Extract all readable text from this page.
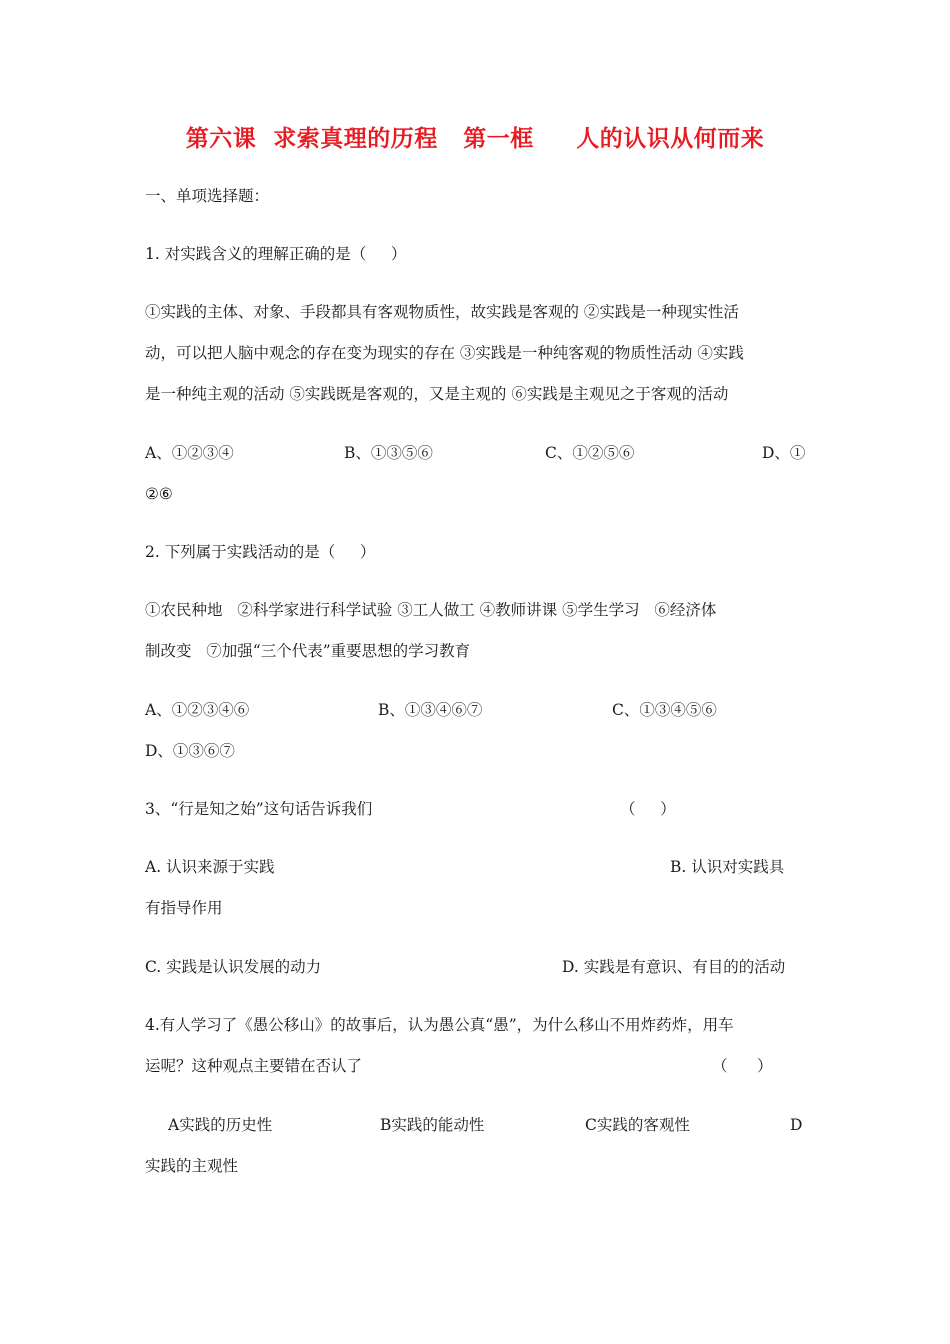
第六课  求索真理的历程   第一框     人的认识从何而来
一、单项选择题：
1. 对实践含义的理解正确的是（     ）
①实践的主体、对象、手段都具有客观物质性，故实践是客观的 ②实践是一种现实性活
动，可以把人脑中观念的存在变为现实的存在 ③实践是一种纯客观的物质性活动 ④实践
是一种纯主观的活动 ⑤实践既是客观的，又是主观的 ⑥实践是主观见之于客观的活动
A、①②③④	B、①③⑤⑥	C、①②⑤⑥	D、①
②⑥
2. 下列属于实践活动的是（     ）
①农民种地   ②科学家进行科学试验 ③工人做工 ④教师讲课 ⑤学生学习   ⑥经济体
制改变   ⑦加强“三个代表”重要思想的学习教育
A、①②③④⑥	B、①③④⑥⑦	C、①③④⑤⑥
D、①③⑥⑦
3、“行是知之始”这句话告诉我们	（     ）
A. 认识来源于实践	B. 认识对实践具
有指导作用
C. 实践是认识发展的动力	D. 实践是有意识、有目的的活动
4.有人学习了《愚公移山》的故事后，认为愚公真“愚”，为什么移山不用炸药炸，用车
运呢？这种观点主要错在否认了	（      ）
A实践的历史性	B实践的能动性	C实践的客观性	D
实践的主观性
